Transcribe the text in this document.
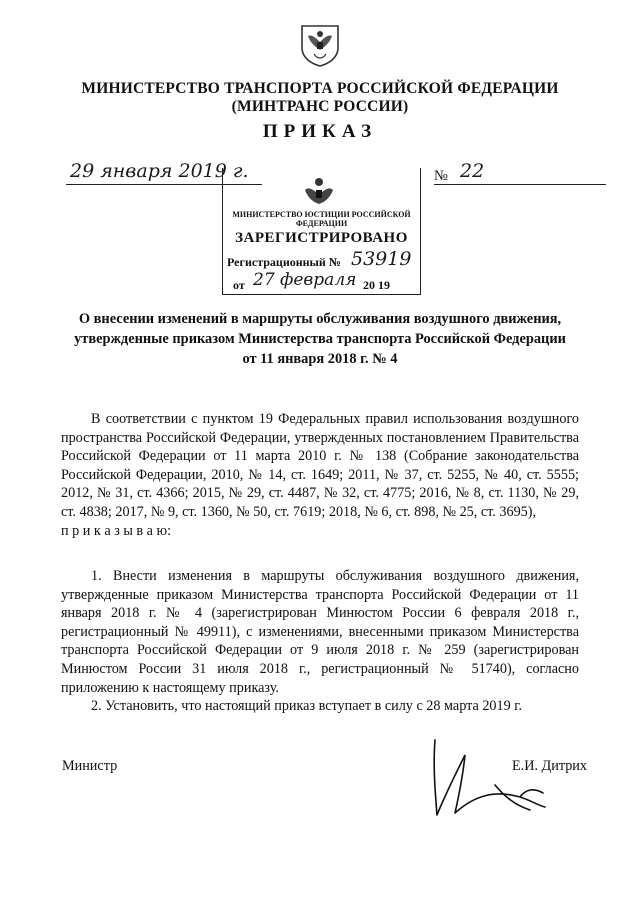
МИНИСТЕРСТВО ТРАНСПОРТА РОССИЙСКОЙ ФЕДЕРАЦИИ
(МИНТРАНС РОССИИ)
ПРИКАЗ
29 января 2019 г.	№ 22
МИНИСТЕРСТВО ЮСТИЦИИ РОССИЙСКОЙ ФЕДЕРАЦИИ
ЗАРЕГИСТРИРОВАНО
Регистрационный № 53919
от 27 февраля 20 19
О внесении изменений в маршруты обслуживания воздушного движения,
утвержденные приказом Министерства транспорта Российской Федерации
от 11 января 2018 г. № 4
В соответствии с пунктом 19 Федеральных правил использования воздушного пространства Российской Федерации, утвержденных постановлением Правительства Российской Федерации от 11 марта 2010 г. № 138 (Собрание законодательства Российской Федерации, 2010, № 14, ст. 1649; 2011, № 37, ст. 5255, № 40, ст. 5555; 2012, № 31, ст. 4366; 2015, № 29, ст. 4487, № 32, ст. 4775; 2016, № 8, ст. 1130, № 29, ст. 4838; 2017, № 9, ст. 1360, № 50, ст. 7619; 2018, № 6, ст. 898, № 25, ст. 3695),
п р и к а з ы в а ю:
1. Внести изменения в маршруты обслуживания воздушного движения, утвержденные приказом Министерства транспорта Российской Федерации от 11 января 2018 г. № 4 (зарегистрирован Минюстом России 6 февраля 2018 г., регистрационный № 49911), с изменениями, внесенными приказом Министерства транспорта Российской Федерации от 9 июля 2018 г. № 259 (зарегистрирован Минюстом России 31 июля 2018 г., регистрационный № 51740), согласно приложению к настоящему приказу.
2. Установить, что настоящий приказ вступает в силу с 28 марта 2019 г.
Министр	Е.И. Дитрих
